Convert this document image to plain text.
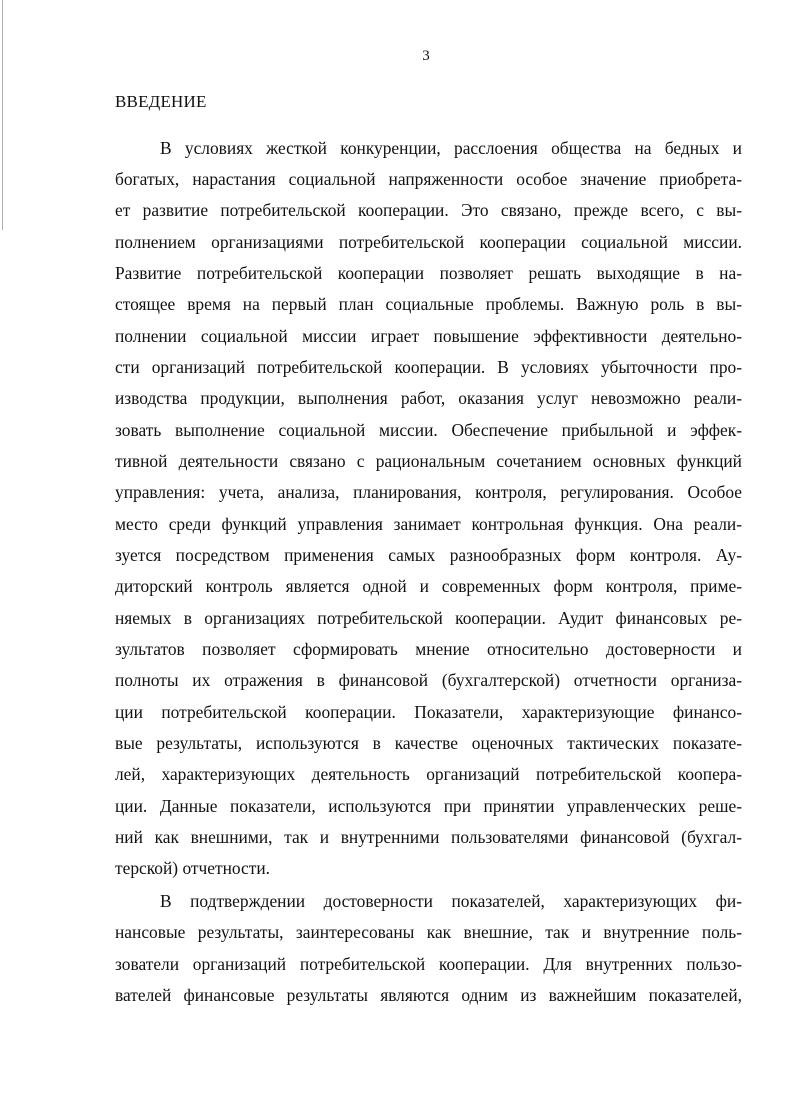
3
ВВЕДЕНИЕ
В условиях жесткой конкуренции, расслоения общества на бедных и
богатых, нарастания социальной напряженности особое значение приобрета-
ет развитие потребительской кооперации. Это связано, прежде всего, с вы-
полнением организациями потребительской кооперации социальной миссии.
Развитие потребительской кооперации позволяет решать выходящие в на-
стоящее время на первый план социальные проблемы. Важную роль в вы-
полнении социальной миссии играет повышение эффективности деятельно-
сти организаций потребительской кооперации. В условиях убыточности про-
изводства продукции, выполнения работ, оказания услуг невозможно реали-
зовать выполнение социальной миссии. Обеспечение прибыльной и эффек-
тивной деятельности связано с рациональным сочетанием основных функций
управления: учета, анализа, планирования, контроля, регулирования. Особое
место среди функций управления занимает контрольная функция. Она реали-
зуется посредством применения самых разнообразных форм контроля. Ау-
диторский контроль является одной и современных форм контроля, приме-
няемых в организациях потребительской кооперации. Аудит финансовых ре-
зультатов позволяет сформировать мнение относительно достоверности и
полноты их отражения в финансовой (бухгалтерской) отчетности организа-
ции потребительской кооперации. Показатели, характеризующие финансо-
вые результаты, используются в качестве оценочных тактических показате-
лей, характеризующих деятельность организаций потребительской коопера-
ции. Данные показатели, используются при принятии управленческих реше-
ний как внешними, так и внутренними пользователями финансовой (бухгал-
терской) отчетности.
В подтверждении достоверности показателей, характеризующих фи-
нансовые результаты, заинтересованы как внешние, так и внутренние поль-
зователи организаций потребительской кооперации. Для внутренних пользо-
вателей финансовые результаты являются одним из важнейшим показателей,
